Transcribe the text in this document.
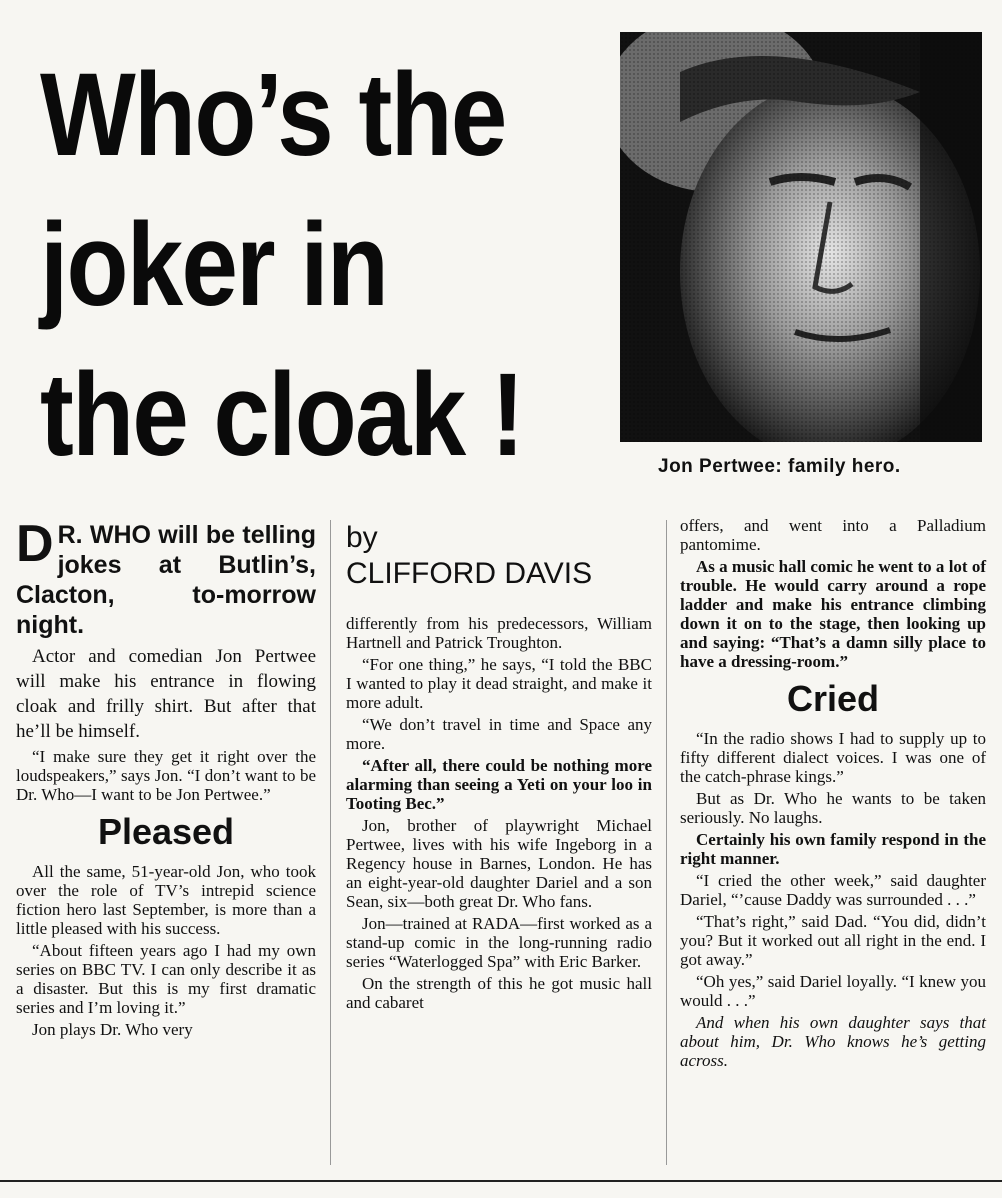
Who’s the
joker in
the cloak !	Jon Pertwee: family hero.
D R. WHO will be telling jokes at Butlin’s, Clacton, to-morrow night.

Actor and comedian Jon Pertwee will make his entrance in flowing cloak and frilly shirt. But after that he’ll be himself.

“I make sure they get it right over the loudspeakers,” says Jon. “I don’t want to be Dr. Who—I want to be Jon Pertwee.”

Pleased

All the same, 51-year-old Jon, who took over the role of TV’s intrepid science fiction hero last September, is more than a little pleased with his success.

“About fifteen years ago I had my own series on BBC TV. I can only describe it as a disaster. But this is my first dramatic series and I’m loving it.”

Jon plays Dr. Who very

by
CLIFFORD DAVIS

differently from his predecessors, William Hartnell and Patrick Troughton.

“For one thing,” he says, “I told the BBC I wanted to play it dead straight, and make it more adult.

“We don’t travel in time and Space any more.

“After all, there could be nothing more alarming than seeing a Yeti on your loo in Tooting Bec.”

Jon, brother of playwright Michael Pertwee, lives with his wife Ingeborg in a Regency house in Barnes, London. He has an eight-year-old daughter Dariel and a son Sean, six—both great Dr. Who fans.

Jon—trained at RADA—first worked as a stand-up comic in the long-running radio series “Waterlogged Spa” with Eric Barker.

On the strength of this he got music hall and cabaret

offers, and went into a Palladium pantomime.

As a music hall comic he went to a lot of trouble. He would carry around a rope ladder and make his entrance climbing down it on to the stage, then looking up and saying: “That’s a damn silly place to have a dressing-room.”

Cried

“In the radio shows I had to supply up to fifty different dialect voices. I was one of the catch-phrase kings.”

But as Dr. Who he wants to be taken seriously. No laughs.

Certainly his own family respond in the right manner.

“I cried the other week,” said daughter Dariel, “’cause Daddy was surrounded . . .”

“That’s right,” said Dad. “You did, didn’t you? But it worked out all right in the end. I got away.”

“Oh yes,” said Dariel loyally. “I knew you would . . .”

And when his own daughter says that about him, Dr. Who knows he’s getting across.
